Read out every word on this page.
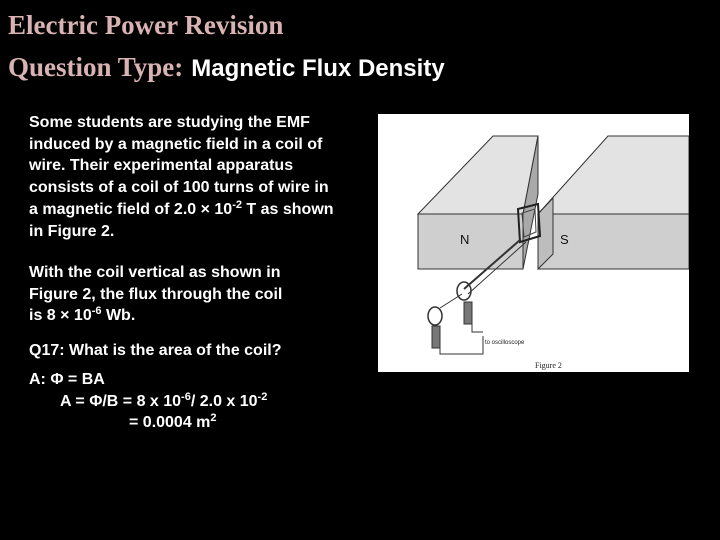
Electric Power Revision
Question Type: Magnetic Flux Density
Some students are studying the EMF
induced by a magnetic field in a coil of
wire. Their experimental apparatus
consists of a coil of 100 turns of wire in
a magnetic field of $2.0 \times 10^{-2}$ T as shown
in Figure 2.
With the coil vertical as shown in
Figure 2, the flux through the coil
is $8 \times 10^{-6}$ Wb.
Q17: What is the area of the coil?
A: Φ = BA
A = Φ/B = 8 x $10^{-6}/$ 2.0 x $10^{-2}$
= 0.0004 $m^2$
N	S
to oscilloscope
Figure 2
